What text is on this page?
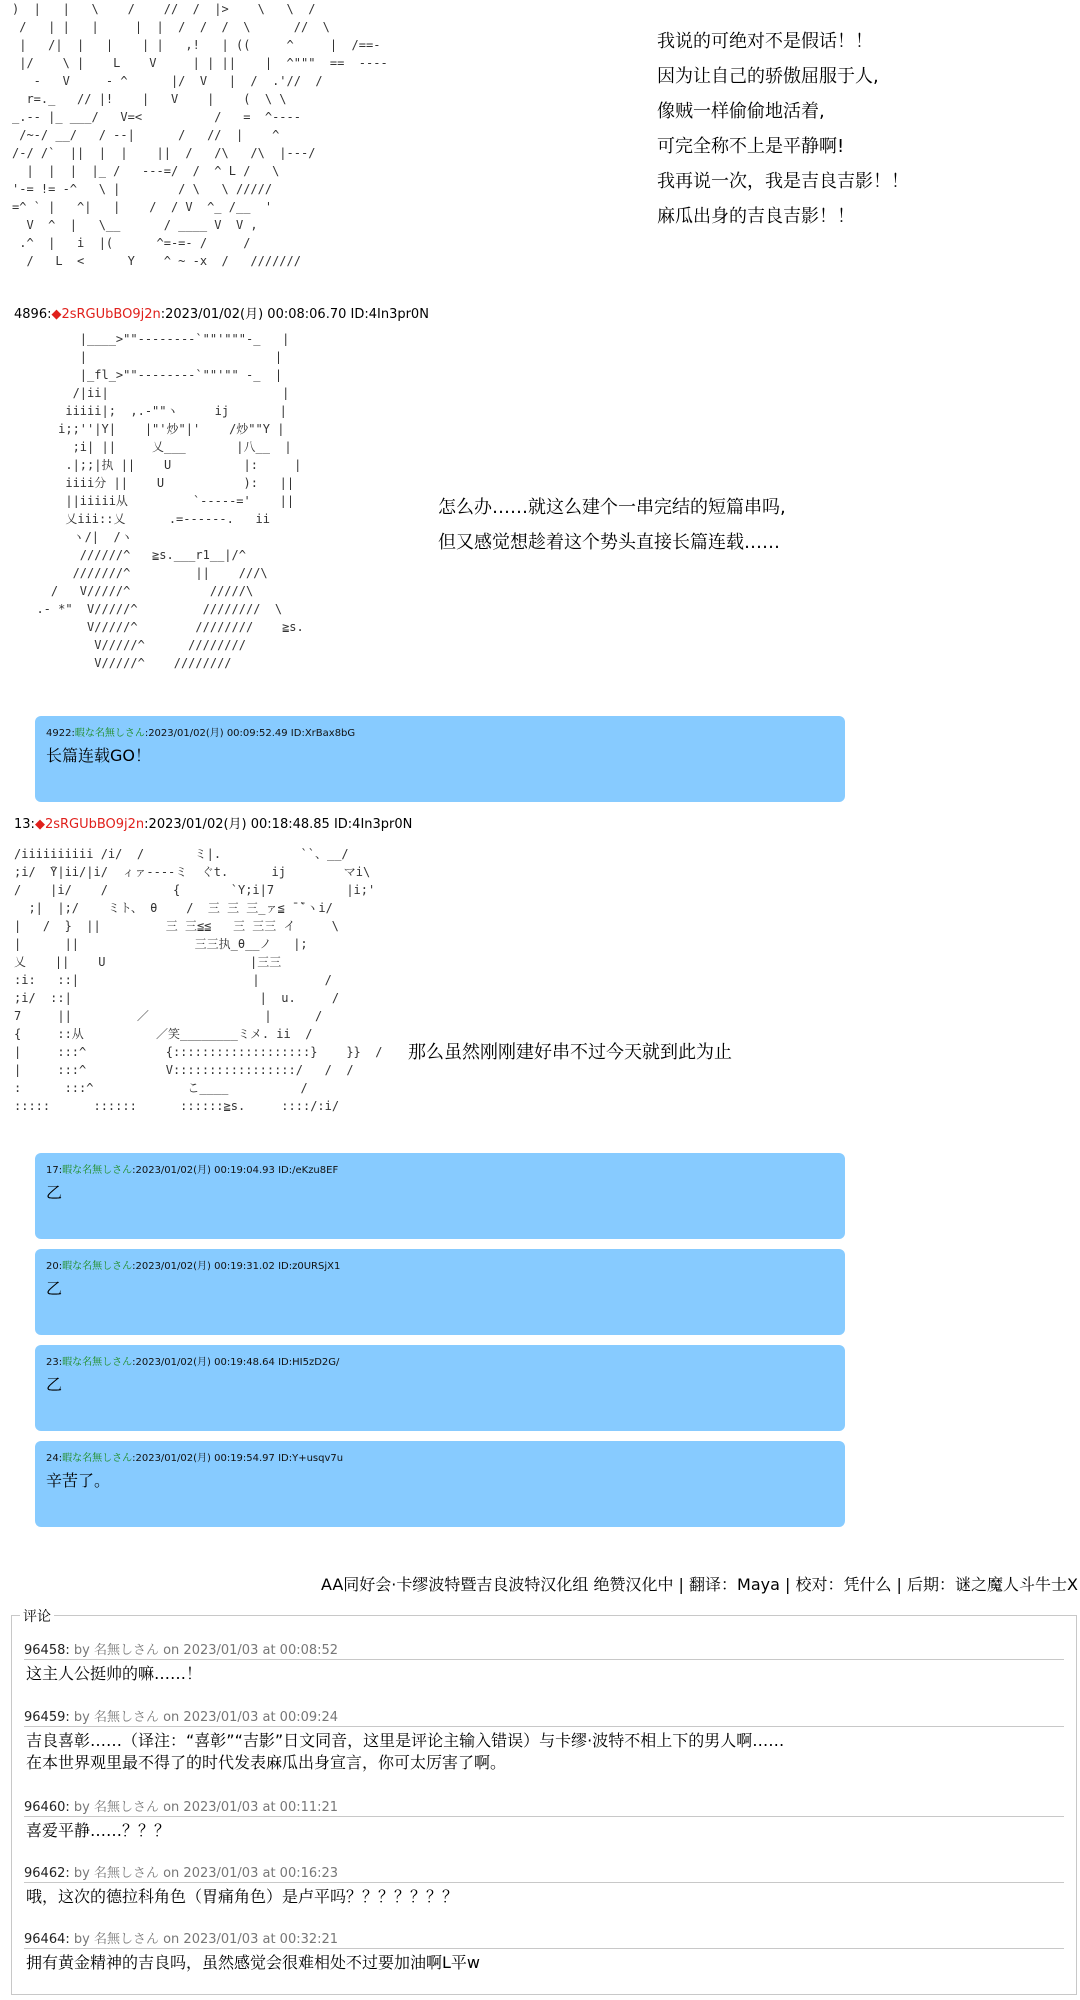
)  |   |   \    /    //  /  |>    \   \  /
/   | |   |     |  |  /  /  /  \      //  \
|   /|  |   |    | |   ,!   | ((     ^     |  /==-
|/    \ |    L    V     | | ||    |  ^"""  ==  ----
-   V     - ^      |/  V   |  /  .'//  /
r=._   // |!    |   V    |    (  \ \
_.-- |_ ___/   V=<          /   =  ^----
/~-/ __/   / --|      /   //  |    ^
/-/ /`  ||  |  |    ||  /   /\   /\  |---/
|  |  |  |_ /   ---=/  /  ^ L /   \
'-= != -^   \ |        / \   \ /////
=^ ` |   ^|   |    /  / V  ^_ /__  '
V  ^  |   \__      / ____ V  V ,
.^  |   i  |(      ^=-=- /     /
/   L  <      Y    ^ ~ -x  /   ///////
我说的可绝对不是假话！！
因为让自己的骄傲屈服于人,
像贼一样偷偷地活着,
可完全称不上是平静啊!
我再说一次，我是吉良吉影！！
麻瓜出身的吉良吉影！！
4896:◆2sRGUbBO9j2n:2023/01/02(月) 00:08:06.70 ID:4In3pr0N
|____>""--------`""'"""-_   |
|                          |
|_fl_>""--------`""'"" -_  |
/|ii|                        |
iiiii|;  ,.-""ヽ     ij       |
i;;''|Y|    |"'炒"|'    /炒""Y |
;i| ||     乂___       |八__  |
.|;;|执 ||    U          |:     |
iiii分 ||    U           ):   ||
||iiiii从         `-----='    ||
乂iii::乂      .=------.   ii
ヽ/|  /ヽ
//////^   ≧s.___r1__|/^
///////^         ||    ///\
/   V/////^           /////\
.- *"  V/////^         ////////  \
V/////^        ////////    ≧s.
V/////^      ////////
V/////^    ////////
怎么办……就这么建个一串完结的短篇串吗,
但又感觉想趁着这个势头直接长篇连载……
4922:暇な名無しさん:2023/01/02(月) 00:09:52.49 ID:XrBax8bG
长篇连载GO！
13:◆2sRGUbBO9j2n:2023/01/02(月) 00:18:48.85 ID:4In3pr0N
/iiiiiiiiii /i/  /       ミ|.           ``、__/
;i/  ̄Y|ii/|i/  ィァ----ミ  ぐt.      ij        マi\
/    |i/    /         {       `Y;i|7          |i;'
;|  |;/    ミト、 θ    /  三 三 三_ァ≦ ̄ ̄`ヽi/
|   /  }  ||         三 三≦≦   三 三三 イ     \
|      ||                三三执_θ__ノ   |;
乂    ||    U                    |三三
:i:   ::|                        |         /
;i/  ::|                          |  u.     /
7     ||         ／                |      /
{     ::从          ／笑________ミメ. ii  /
|     :::^           {:::::::::::::::::::}    }}  /
|     :::^           V:::::::::::::::::/   /  /
:      :::^             こ____          /
:::::      ::::::      ::::::≧s.     ::::/:i/
那么虽然刚刚建好串不过今天就到此为止
17:暇な名無しさん:2023/01/02(月) 00:19:04.93 ID:/eKzu8EF
乙
20:暇な名無しさん:2023/01/02(月) 00:19:31.02 ID:z0URSjX1
乙
23:暇な名無しさん:2023/01/02(月) 00:19:48.64 ID:HI5zD2G/
乙
24:暇な名無しさん:2023/01/02(月) 00:19:54.97 ID:Y+usqv7u
辛苦了。
AA同好会·卡缪波特暨吉良波特汉化组 绝赞汉化中 | 翻译：Maya | 校对：凭什么 | 后期：谜之魔人斗牛士X
评论
96458: by 名無しさん on 2023/01/03 at 00:08:52
这主人公挺帅的嘛……！
96459: by 名無しさん on 2023/01/03 at 00:09:24
吉良喜彰……（译注：“喜彰”“吉影”日文同音，这里是评论主输入错误）与卡缪·波特不相上下的男人啊……
在本世界观里最不得了的时代发表麻瓜出身宣言，你可太厉害了啊。
96460: by 名無しさん on 2023/01/03 at 00:11:21
喜爱平静……？？？
96462: by 名無しさん on 2023/01/03 at 00:16:23
哦，这次的德拉科角色（胃痛角色）是卢平吗？？？？？？？
96464: by 名無しさん on 2023/01/03 at 00:32:21
拥有黄金精神的吉良吗，虽然感觉会很难相处不过要加油啊L平w
